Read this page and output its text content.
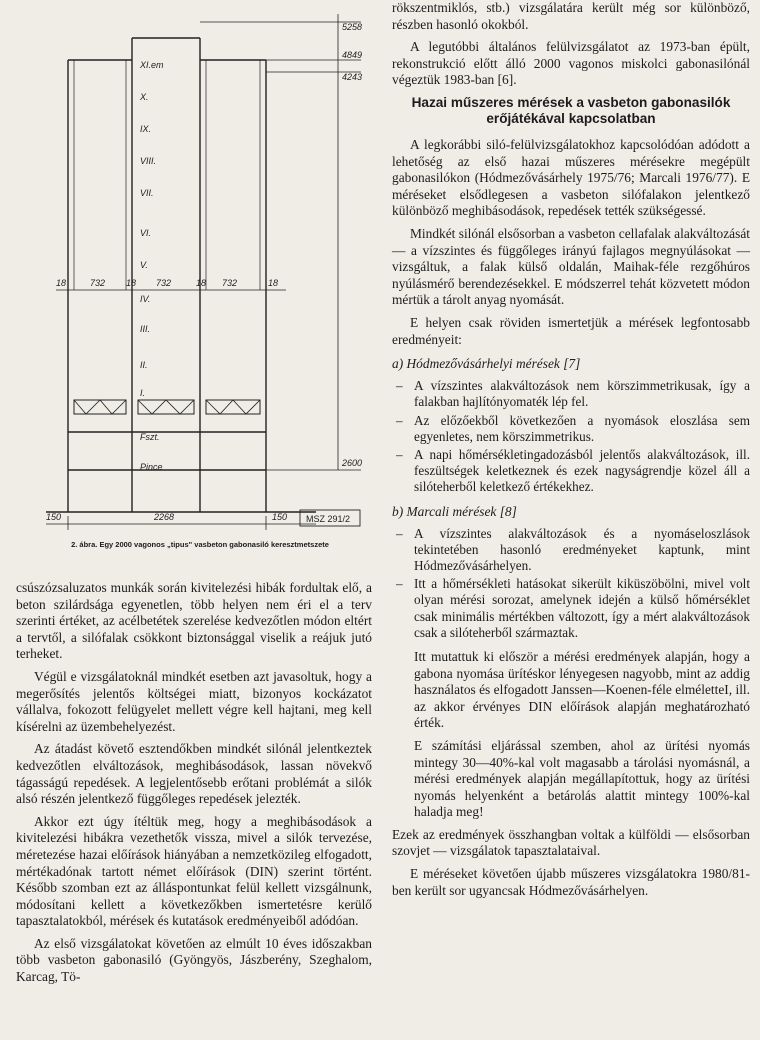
XI.em
X.
IX.
VIII.
VII.
VI.
V.
IV.
III.
II.
I.
Fszt.
Pince
18	732 18 732	18 732	18
150	2268	150
5258
4849
4243
2600
MSZ 291/2
2. ábra. Egy 2000 vagonos „tipus" vasbeton gabonasiló keresztmetszete

csúszózsaluzatos munkák során kivitelezési hibák fordultak elő, a beton szilárdsága egyenetlen, több helyen nem éri el a terv szerinti értéket, az acélbetétek szerelése kedvezőtlen módon eltért a tervtől, a silófalak csökkont biztonsággal viselik a reájuk jutó terheket.

Végül e vizsgálatoknál mindkét esetben azt javasoltuk, hogy a megerősítés jelentős költségei miatt, bizonyos kockázatot vállalva, fokozott felügyelet mellett végre kell hajtani, meg kell kísérelni az üzembehelyezést.

Az átadást követő esztendőkben mindkét silónál jelentkeztek kedvezőtlen elváltozások, meghibásodások, lassan növekvő tágasságú repedések. A legjelentősebb erőtani problémát a silók alsó részén jelentkező függőleges repedések jelezték.

Akkor ezt úgy ítéltük meg, hogy a meghibásodások a kivitelezési hibákra vezethetők vissza, mivel a silók tervezése, méretezése hazai előírások hiányában a nemzetközileg elfogadott, mértékadónak tartott német előírások (DIN) szerint történt. Később szomban ezt az álláspontunkat felül kellett vizsgálnunk, módosítani kellett a következőkben ismertetésre kerülő tapasztalatokból, mérések és kutatások eredményeiből adódóan.

Az első vizsgálatokat követően az elmúlt 10 éves időszakban több vasbeton gabonasiló (Gyöngyös, Jászberény, Szeghalom, Karcag, Tö-

rökszentmiklós, stb.) vizsgálatára került még sor különböző, részben hasonló okokból.

A legutóbbi általános felülvizsgálatot az 1973-ban épült, rekonstrukció előtt álló 2000 vagonos miskolci gabonasilónál végeztük 1983-ban [6].

Hazai műszeres mérések a vasbeton gabonasilók erőjátékával kapcsolatban

A legkorábbi siló-felülvizsgálatokhoz kapcsolódóan adódott a lehetőség az első hazai műszeres mérésekre megépült gabonasilókon (Hódmezővásárhely 1975/76; Marcali 1976/77). E méréseket elsődlegesen a vasbeton silófalakon jelentkező különböző meghibásodások, repedések tették szükségessé.

Mindkét silónál elsősorban a vasbeton cellafalak alakváltozását — a vízszintes és függőleges irányú fajlagos megnyúlásokat — vizsgáltuk, a falak külső oldalán, Maihak-féle rezgőhúros nyúlásmérő berendezésekkel. E módszerrel tehát közvetett módon mértük a tárolt anyag nyomását.

E helyen csak röviden ismertetjük a mérések legfontosabb eredményeit:

a) Hódmezővásárhelyi mérések [7]
– A vízszintes alakváltozások nem körszimmetrikusak, így a falakban hajlítónyomaték lép fel.
– Az előzőekből következően a nyomások eloszlása sem egyenletes, nem körszimmetrikus.
– A napi hőmérsékletingadozásból jelentős alakváltozások, ill. feszültségek keletkeznek és ezek nagyságrendje közel áll a silóteherből keletkező értékekhez.
b) Marcali mérések [8]
– A vízszintes alakváltozások és a nyomáseloszlások tekintetében hasonló eredményeket kaptunk, mint Hódmezővásárhelyen.
– Itt a hőmérsékleti hatásokat sikerült kiküszöbölni, mivel volt olyan mérési sorozat, amelynek idején a külső hőmérséklet csak minimális mértékben változott, így a mért alakváltozások csak a silóteherből származtak.

Itt mutattuk ki először a mérési eredmények alapján, hogy a gabona nyomása ürítéskor lényegesen nagyobb, mint az addig használatos és elfogadott Janssen—Koenen-féle elméletteI, ill. az akkor érvényes DIN előírások alapján meghatározható érték.

E számítási eljárással szemben, ahol az ürítési nyomás mintegy 30—40%-kal volt magasabb a tárolási nyomásnál, a mérési eredmények alapján megállapítottuk, hogy az ürítési nyomás helyenként a betárolás alattit mintegy 100%-kal haladja meg!

Ezek az eredmények összhangban voltak a külföldi — elsősorban szovjet — vizsgálatok tapasztalataival.

E méréseket követően újabb műszeres vizsgálatokra 1980/81-ben került sor ugyancsak Hódmezővásárhelyen.
